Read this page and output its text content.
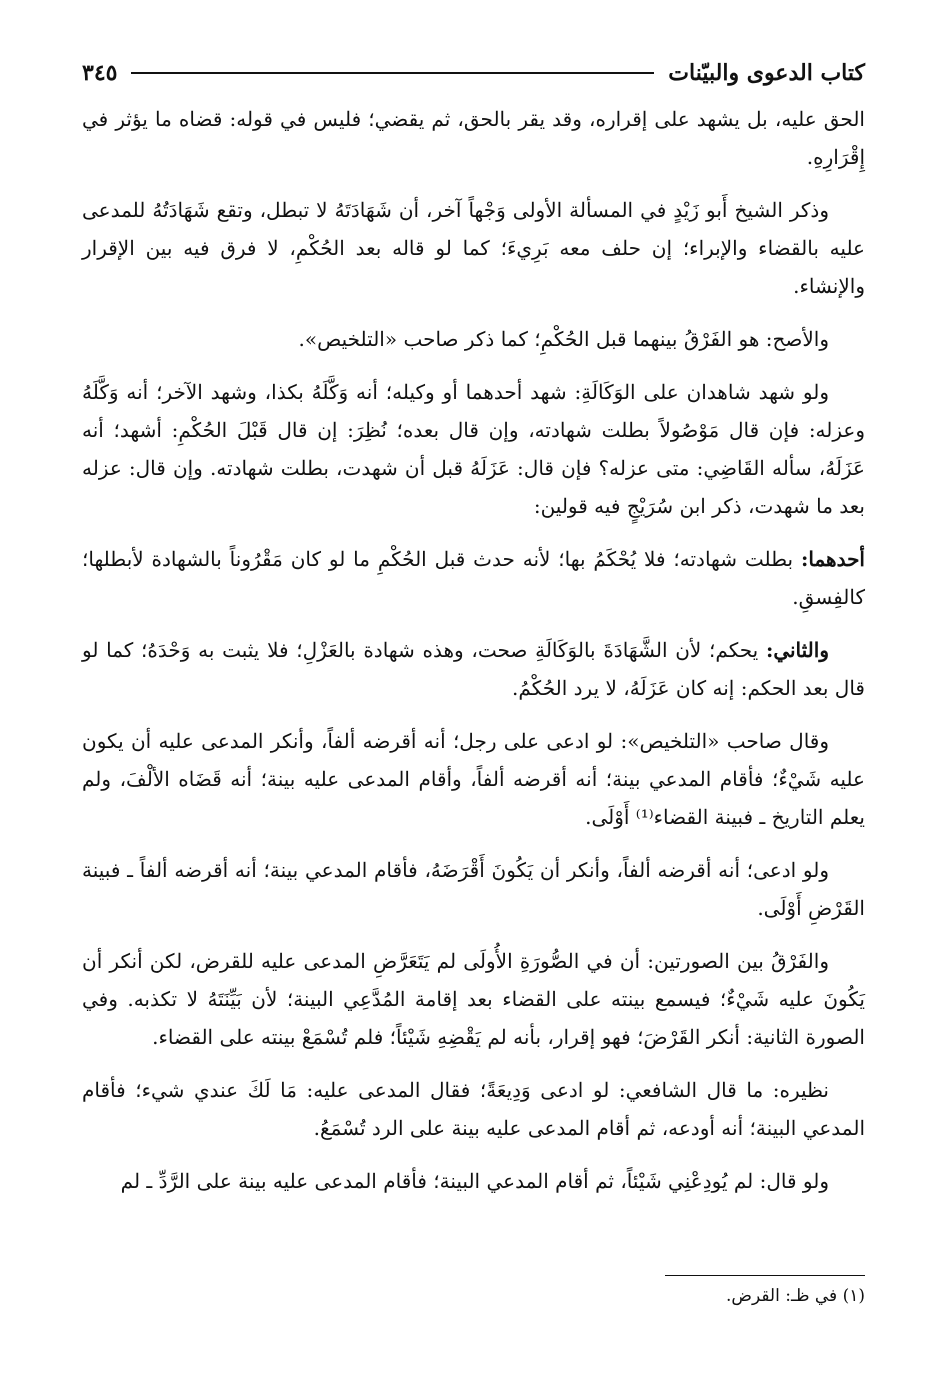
كتاب الدعوى والبيّنات
٣٤٥

الحق عليه، بل يشهد على إقراره، وقد يقر بالحق، ثم يقضي؛ فليس في قوله: قضاه ما يؤثر في إِقْرَارِهِ.

وذكر الشيخ أَبو زَيْدٍ في المسألة الأولى وَجْهاً آخر، أن شَهَادَتَهُ لا تبطل، وتقع شَهَادَتُهُ للمدعى عليه بالقضاء والإبراء؛ إن حلف معه بَرِيءَ؛ كما لو قاله بعد الحُكْمِ، لا فرق فيه بين الإقرار والإنشاء.

والأصح: هو الفَرْقُ بينهما قبل الحُكْمِ؛ كما ذكر صاحب «التلخيص».

ولو شهد شاهدان على الوَكَالَةِ: شهد أحدهما أو وكيله؛ أنه وَكَّلَهُ بكذا، وشهد الآخر؛ أنه وَكَّلَهُ وعزله: فإن قال مَوْصُولاً بطلت شهادته، وإن قال بعده؛ نُظِرَ: إن قال قَبْلَ الحُكْمِ: أشهد؛ أنه عَزَلَهُ، سأله القَاضِي: متى عزله؟ فإن قال: عَزَلَهُ قبل أن شهدت، بطلت شهادته. وإن قال: عزله بعد ما شهدت، ذكر ابن سُرَيْجٍ فيه قولين:

أحدهما: بطلت شهادته؛ فلا يُحْكَمُ بها؛ لأنه حدث قبل الحُكْمِ ما لو كان مَقْرُوناً بالشهادة لأبطلها؛ كالفِسقِ.

والثاني: يحكم؛ لأن الشَّهَادَةَ بالوَكَالَةِ صحت، وهذه شهادة بالعَزْلِ؛ فلا يثبت به وَحْدَهُ؛ كما لو قال بعد الحكم: إنه كان عَزَلَهُ، لا يرد الحُكْمُ.

وقال صاحب «التلخيص»: لو ادعى على رجل؛ أنه أقرضه ألفاً، وأنكر المدعى عليه أن يكون عليه شَيْءٌ؛ فأقام المدعي بينة؛ أنه أقرضه ألفاً، وأقام المدعى عليه بينة؛ أنه قَضَاه الألْفَ، ولم يعلم التاريخ ـ فبينة القضاء⁽¹⁾ أَوْلَى.

ولو ادعى؛ أنه أقرضه ألفاً، وأنكر أن يَكُونَ أَقْرَضَهُ، فأقام المدعي بينة؛ أنه أقرضه ألفاً ـ فبينة القَرْضِ أَوْلَى.

والفَرْقُ بين الصورتين: أن في الصُّورَةِ الأُولَى لم يَتَعَرَّضِ المدعى عليه للقرض، لكن أنكر أن يَكُونَ عليه شَيْءٌ؛ فيسمع بينته على القضاء بعد إقامة المُدَّعِي البينة؛ لأن بَيِّنَتَهُ لا تكذبه. وفي الصورة الثانية: أنكر القَرْضَ؛ فهو إقرار، بأنه لم يَقْضِهِ شَيْئاً؛ فلم تُسْمَعْ بينته على القضاء.

نظيره: ما قال الشافعي: لو ادعى وَدِيعَةً؛ فقال المدعى عليه: مَا لَكَ عندي شيء؛ فأقام المدعي البينة؛ أنه أودعه، ثم أقام المدعى عليه بينة على الرد تُسْمَعُ.

ولو قال: لم يُودِعْنِي شَيْئاً، ثم أقام المدعي البينة؛ فأقام المدعى عليه بينة على الرَّدِّ ـ لم

(١) في ظـ: القرض.
